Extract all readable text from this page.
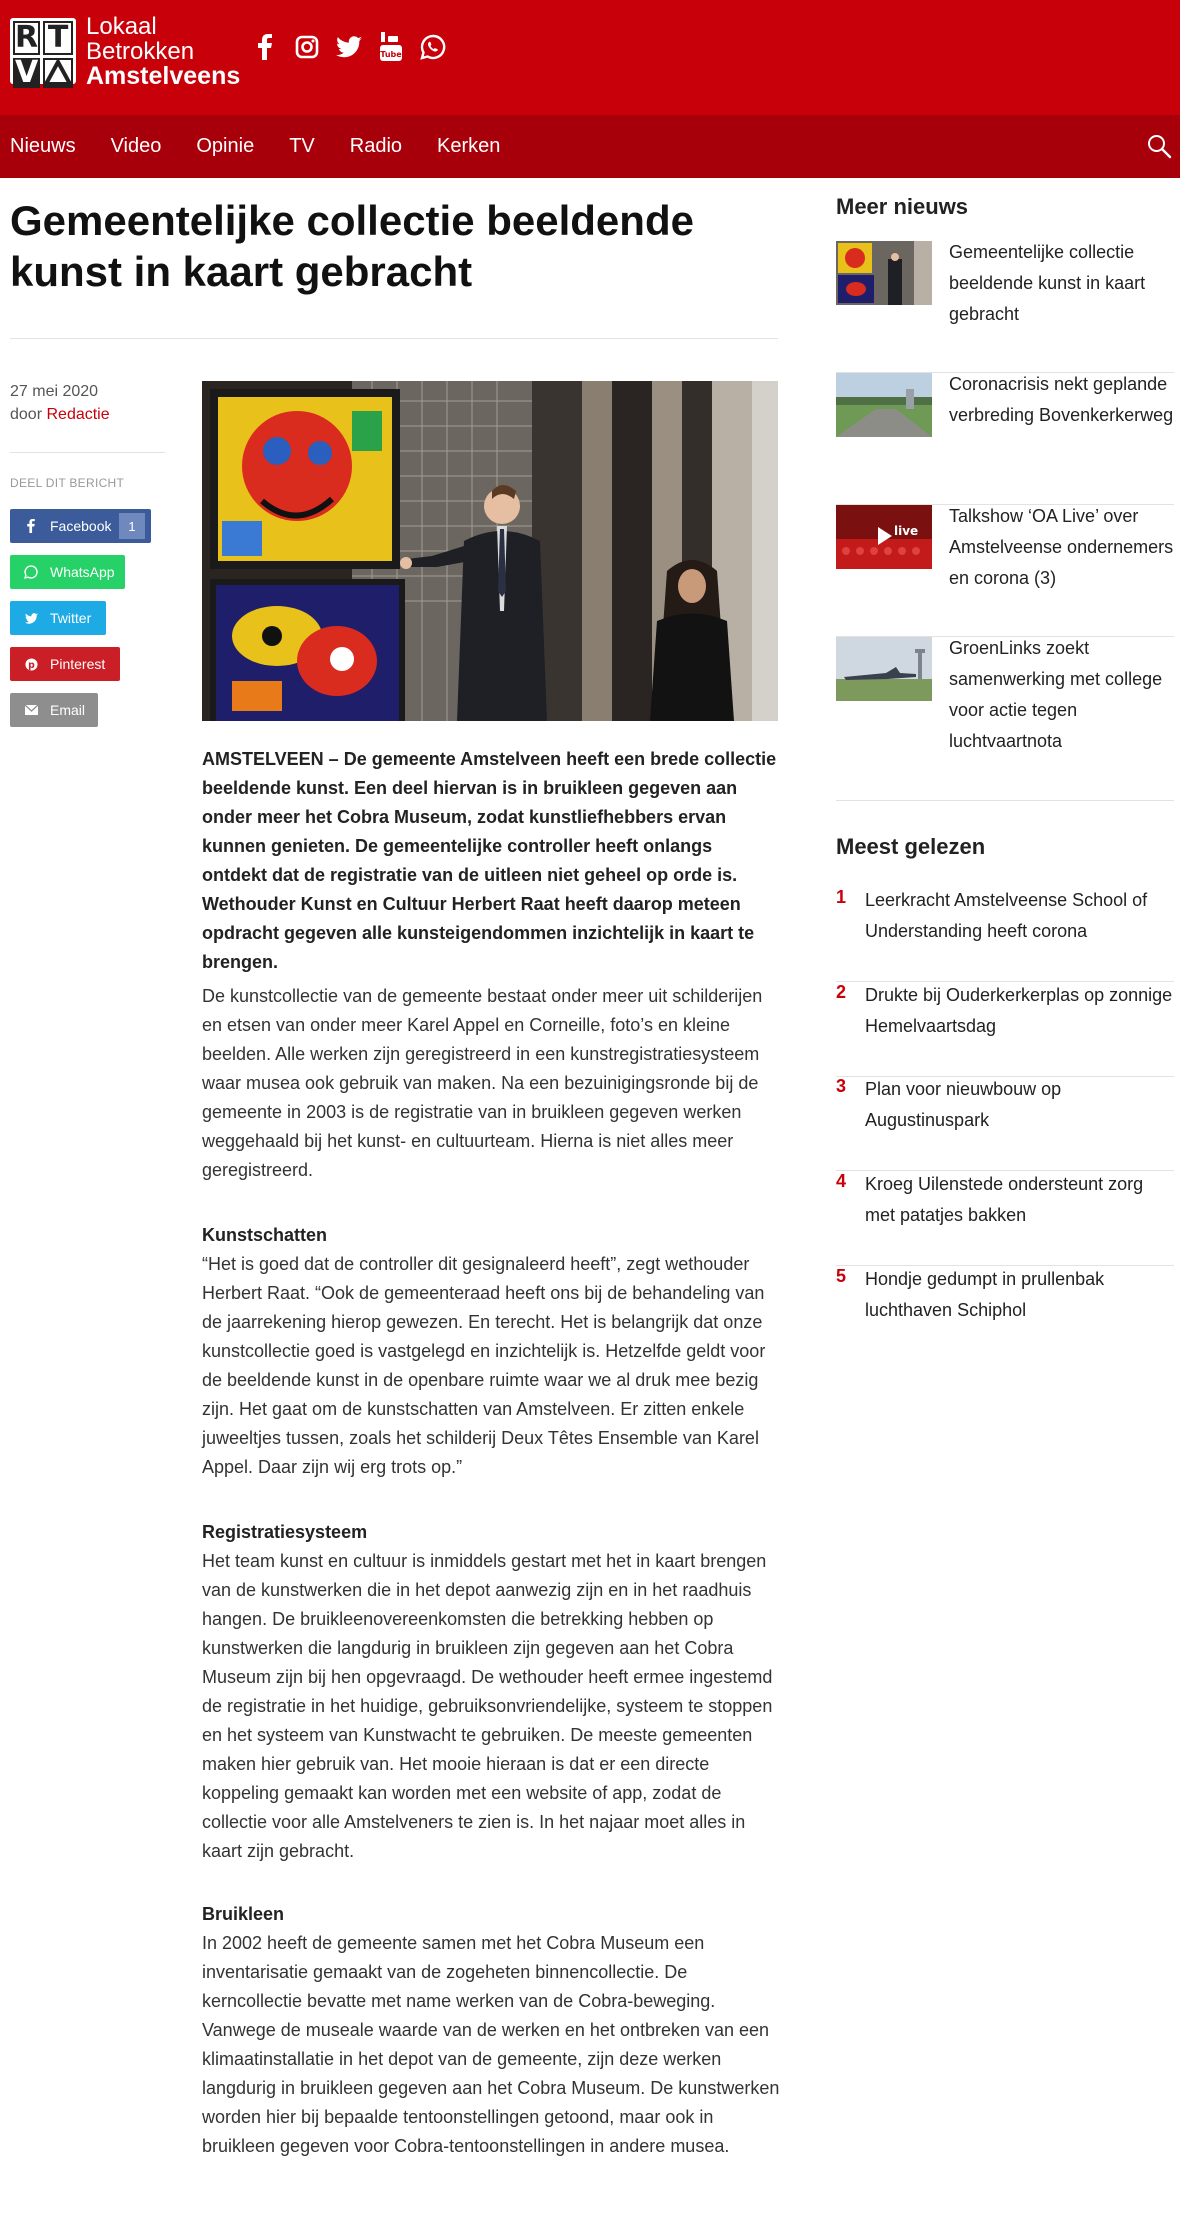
R T
V
Lokaal
Betrokken
Amstelveens
Tube
Nieuws Video Opinie TV Radio Kerken
Gemeentelijke collectie beeldende kunst in kaart gebracht
27 mei 2020
door Redactie
DEEL DIT BERICHT
Facebook	1
WhatsApp
Twitter
p Pinterest
Email
AMSTELVEEN – De gemeente Amstelveen heeft een brede collectie beeldende kunst. Een deel hiervan is in bruikleen gegeven aan onder meer het Cobra Museum, zodat kunstliefhebbers ervan kunnen genieten. De gemeentelijke controller heeft onlangs ontdekt dat de registratie van de uitleen niet geheel op orde is. Wethouder Kunst en Cultuur Herbert Raat heeft daarop meteen opdracht gegeven alle kunsteigendommen inzichtelijk in kaart te brengen.
De kunstcollectie van de gemeente bestaat onder meer uit schilderijen en etsen van onder meer Karel Appel en Corneille, foto’s en kleine beelden. Alle werken zijn geregistreerd in een kunstregistratiesysteem waar musea ook gebruik van maken. Na een bezuinigingsronde bij de gemeente in 2003 is de registratie van in bruikleen gegeven werken weggehaald bij het kunst- en cultuurteam. Hierna is niet alles meer geregistreerd.
Kunstschatten
“Het is goed dat de controller dit gesignaleerd heeft”, zegt wethouder Herbert Raat. “Ook de gemeenteraad heeft ons bij de behandeling van de jaarrekening hierop gewezen. En terecht. Het is belangrijk dat onze kunstcollectie goed is vastgelegd en inzichtelijk is. Hetzelfde geldt voor de beeldende kunst in de openbare ruimte waar we al druk mee bezig zijn. Het gaat om de kunstschatten van Amstelveen. Er zitten enkele juweeltjes tussen, zoals het schilderij Deux Têtes Ensemble van Karel Appel. Daar zijn wij erg trots op.”
Registratiesysteem
Het team kunst en cultuur is inmiddels gestart met het in kaart brengen van de kunstwerken die in het depot aanwezig zijn en in het raadhuis hangen. De bruikleenovereenkomsten die betrekking hebben op kunstwerken die langdurig in bruikleen zijn gegeven aan het Cobra Museum zijn bij hen opgevraagd. De wethouder heeft ermee ingestemd de registratie in het huidige, gebruiksonvriendelijke, systeem te stoppen en het systeem van Kunstwacht te gebruiken. De meeste gemeenten maken hier gebruik van. Het mooie hieraan is dat er een directe koppeling gemaakt kan worden met een website of app, zodat de collectie voor alle Amstelveners te zien is. In het najaar moet alles in kaart zijn gebracht.
Bruikleen
In 2002 heeft de gemeente samen met het Cobra Museum een inventarisatie gemaakt van de zogeheten binnencollectie. De kerncollectie bevatte met name werken van de Cobra-beweging. Vanwege de museale waarde van de werken en het ontbreken van een klimaatinstallatie in het depot van de gemeente, zijn deze werken langdurig in bruikleen gegeven aan het Cobra Museum. De kunstwerken worden hier bij bepaalde tentoonstellingen getoond, maar ook in bruikleen gegeven voor Cobra-tentoonstellingen in andere musea.
Meer nieuws
Gemeentelijke collectie beeldende kunst in kaart gebracht
Coronacrisis nekt geplande verbreding Bovenkerkerweg
live
Talkshow ‘OA Live’ over Amstelveense ondernemers en corona (3)
GroenLinks zoekt samenwerking met college voor actie tegen luchtvaartnota
Meest gelezen
1 Leerkracht Amstelveense School of Understanding heeft corona
2 Drukte bij Ouderkerkerplas op zonnige Hemelvaartsdag
3 Plan voor nieuwbouw op Augustinuspark
4 Kroeg Uilenstede ondersteunt zorg met patatjes bakken
5 Hondje gedumpt in prullenbak luchthaven Schiphol
